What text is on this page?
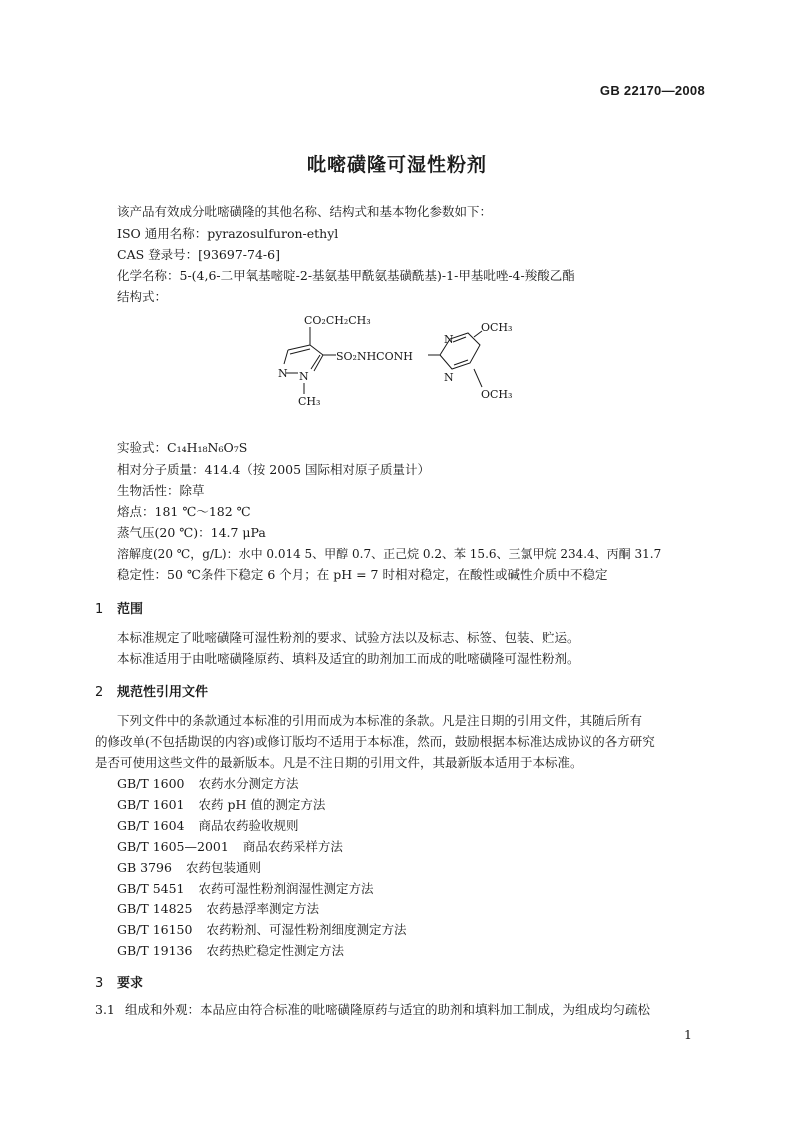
GB 22170—2008
吡嘧磺隆可湿性粉剂
该产品有效成分吡嘧磺隆的其他名称、结构式和基本物化参数如下：
ISO 通用名称：pyrazosulfuron-ethyl
CAS 登录号：[93697-74-6]
化学名称：5-(4,6-二甲氧基嘧啶-2-基氨基甲酰氨基磺酰基)-1-甲基吡唑-4-羧酸乙酯
结构式：
CO₂CH₂CH₃
N N
CH₃
SO₂NHCONH
N
N
OCH₃
OCH₃
实验式：C₁₄H₁₈N₆O₇S
相对分子质量：414.4（按 2005 国际相对原子质量计）
生物活性：除草
熔点：181 ℃～182 ℃
蒸气压(20 ℃)：14.7 μPa
溶解度(20 ℃，g/L)：水中 0.014 5、甲醇 0.7、正己烷 0.2、苯 15.6、三氯甲烷 234.4、丙酮 31.7
稳定性：50 ℃条件下稳定 6 个月；在 pH = 7 时相对稳定，在酸性或碱性介质中不稳定
1 范围
本标准规定了吡嘧磺隆可湿性粉剂的要求、试验方法以及标志、标签、包装、贮运。
本标准适用于由吡嘧磺隆原药、填料及适宜的助剂加工而成的吡嘧磺隆可湿性粉剂。
2 规范性引用文件
下列文件中的条款通过本标准的引用而成为本标准的条款。凡是注日期的引用文件，其随后所有
的修改单(不包括勘误的内容)或修订版均不适用于本标准，然而，鼓励根据本标准达成协议的各方研究
是否可使用这些文件的最新版本。凡是不注日期的引用文件，其最新版本适用于本标准。
GB/T 1600 农药水分测定方法
GB/T 1601 农药 pH 值的测定方法
GB/T 1604 商品农药验收规则
GB/T 1605—2001 商品农药采样方法
GB 3796 农药包装通则
GB/T 5451 农药可湿性粉剂润湿性测定方法
GB/T 14825 农药悬浮率测定方法
GB/T 16150 农药粉剂、可湿性粉剂细度测定方法
GB/T 19136 农药热贮稳定性测定方法
3 要求
3.1 组成和外观：本品应由符合标准的吡嘧磺隆原药与适宜的助剂和填料加工制成，为组成均匀疏松
1
